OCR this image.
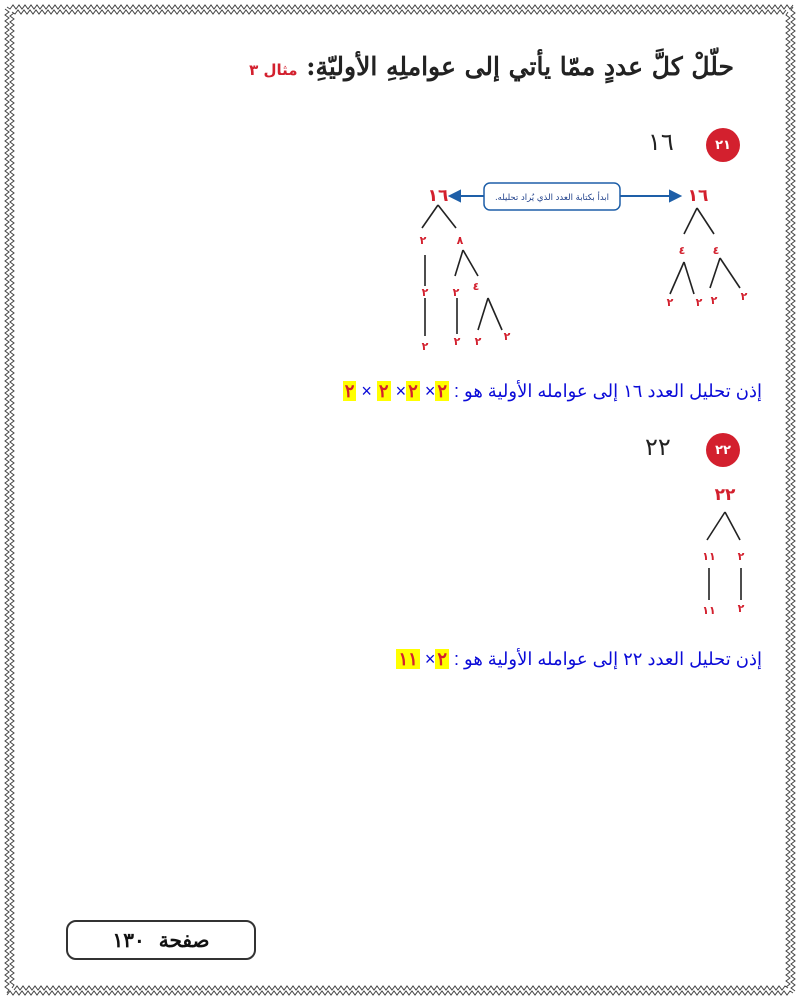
حلّلْ كلَّ عددٍ ممّا يأتي إلى عواملِهِ الأوليّةِ: مثال ٣
٢١
١٦
ابدأ بكتابة العدد الذي يُراد تحليله.
١٦
٢	٨
٢ ٢ ٤
٢ ٢ ٢ ٢
١٦
٤ ٤
٢ ٢ ٢ ٢
٢٢
٢
١١
٢
١١
إذن تحليل العدد ١٦ إلى عوامله الأولية هو : ٢× ٢× ٢ × ٢
٢٢
٢٢
إذن تحليل العدد ٢٢ إلى عوامله الأولية هو : ٢× ١١
صفحة
١٣٠
